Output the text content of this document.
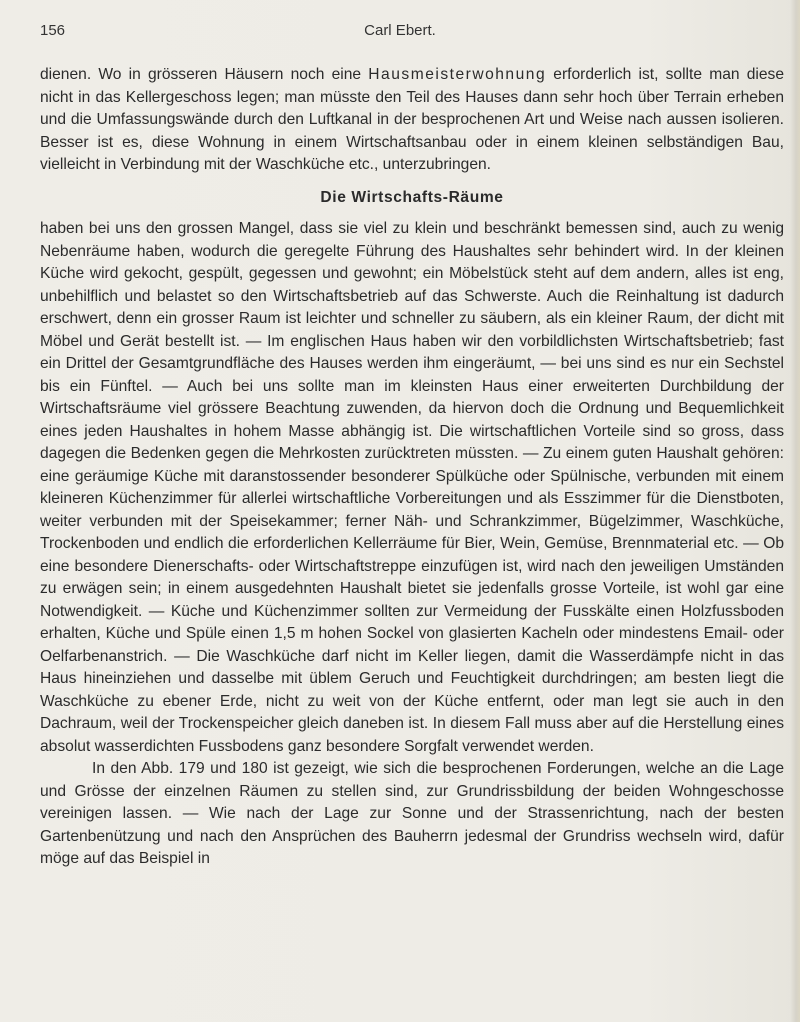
156	Carl Ebert.

dienen. Wo in grösseren Häusern noch eine Hausmeisterwohnung erforderlich ist, sollte man diese nicht in das Kellergeschoss legen; man müsste den Teil des Hauses dann sehr hoch über Terrain erheben und die Umfassungswände durch den Luftkanal in der besprochenen Art und Weise nach aussen isolieren. Besser ist es, diese Wohnung in einem Wirtschaftsanbau oder in einem kleinen selbständigen Bau, vielleicht in Verbindung mit der Waschküche etc., unterzubringen.

Die Wirtschafts-Räume

haben bei uns den grossen Mangel, dass sie viel zu klein und beschränkt bemessen sind, auch zu wenig Nebenräume haben, wodurch die geregelte Führung des Haushaltes sehr behindert wird. In der kleinen Küche wird gekocht, gespült, gegessen und gewohnt; ein Möbelstück steht auf dem andern, alles ist eng, unbehilflich und belastet so den Wirtschaftsbetrieb auf das Schwerste. Auch die Reinhaltung ist dadurch erschwert, denn ein grosser Raum ist leichter und schneller zu säubern, als ein kleiner Raum, der dicht mit Möbel und Gerät bestellt ist. — Im englischen Haus haben wir den vorbildlichsten Wirtschaftsbetrieb; fast ein Drittel der Gesamtgrundfläche des Hauses werden ihm eingeräumt, — bei uns sind es nur ein Sechstel bis ein Fünftel. — Auch bei uns sollte man im kleinsten Haus einer erweiterten Durchbildung der Wirtschaftsräume viel grössere Beachtung zuwenden, da hiervon doch die Ordnung und Bequemlichkeit eines jeden Haushaltes in hohem Masse abhängig ist. Die wirtschaftlichen Vorteile sind so gross, dass dagegen die Bedenken gegen die Mehrkosten zurücktreten müssten. — Zu einem guten Haushalt gehören: eine geräumige Küche mit daranstossender besonderer Spülküche oder Spülnische, verbunden mit einem kleineren Küchenzimmer für allerlei wirtschaftliche Vorbereitungen und als Esszimmer für die Dienstboten, weiter verbunden mit der Speisekammer; ferner Näh- und Schrankzimmer, Bügelzimmer, Waschküche, Trockenboden und endlich die erforderlichen Kellerräume für Bier, Wein, Gemüse, Brennmaterial etc. — Ob eine besondere Dienerschafts- oder Wirtschaftstreppe einzufügen ist, wird nach den jeweiligen Umständen zu erwägen sein; in einem ausgedehnten Haushalt bietet sie jedenfalls grosse Vorteile, ist wohl gar eine Notwendigkeit. — Küche und Küchenzimmer sollten zur Vermeidung der Fusskälte einen Holzfussboden erhalten, Küche und Spüle einen 1,5 m hohen Sockel von glasierten Kacheln oder mindestens Email- oder Oelfarbenanstrich. — Die Waschküche darf nicht im Keller liegen, damit die Wasserdämpfe nicht in das Haus hineinziehen und dasselbe mit üblem Geruch und Feuchtigkeit durchdringen; am besten liegt die Waschküche zu ebener Erde, nicht zu weit von der Küche entfernt, oder man legt sie auch in den Dachraum, weil der Trockenspeicher gleich daneben ist. In diesem Fall muss aber auf die Herstellung eines absolut wasserdichten Fussbodens ganz besondere Sorgfalt verwendet werden.

In den Abb. 179 und 180 ist gezeigt, wie sich die besprochenen Forderungen, welche an die Lage und Grösse der einzelnen Räumen zu stellen sind, zur Grundrissbildung der beiden Wohngeschosse vereinigen lassen. — Wie nach der Lage zur Sonne und der Strassenrichtung, nach der besten Gartenbenützung und nach den Ansprüchen des Bauherrn jedesmal der Grundriss wechseln wird, dafür möge auf das Beispiel in
